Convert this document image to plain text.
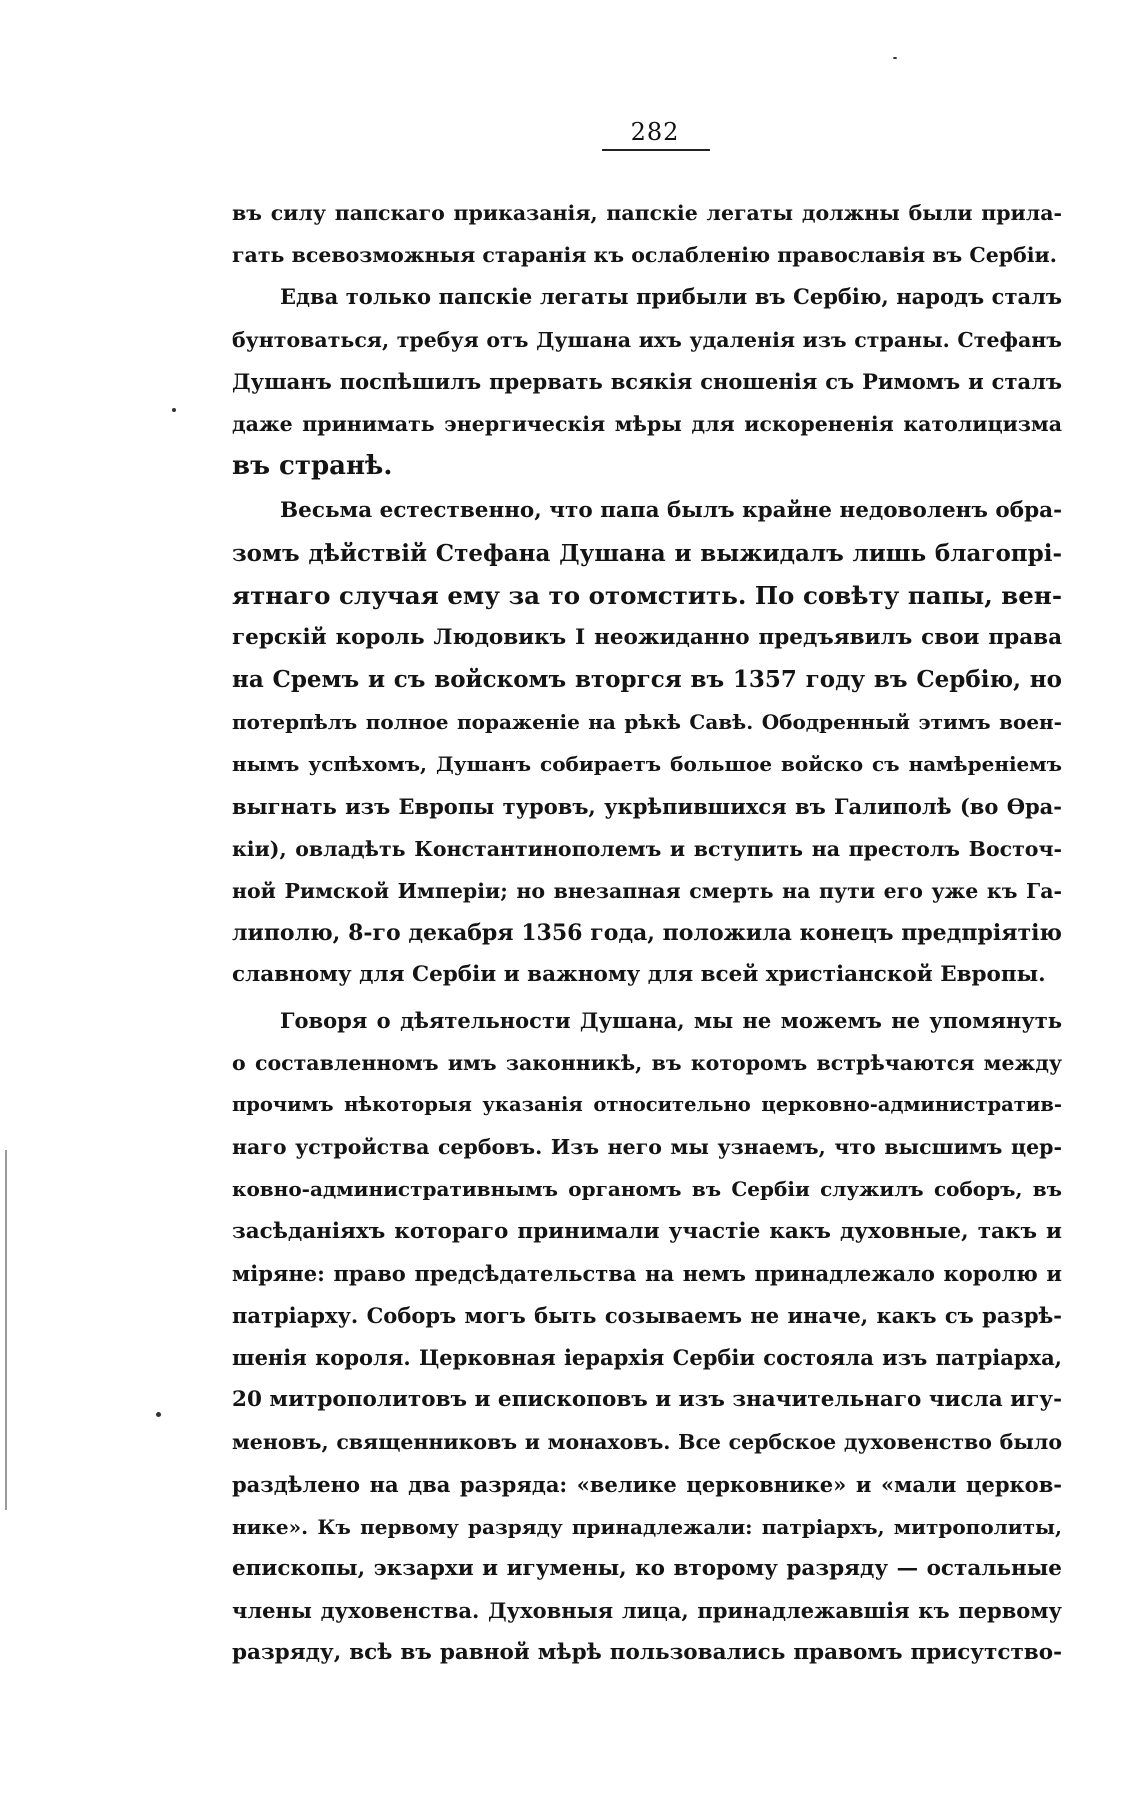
282
въ силу папскаго приказанія, папскіе легаты должны были прила-
гать всевозможныя старанія къ ослабленію православія въ Сербіи.
Едва только папскіе легаты прибыли въ Сербію, народъ сталъ
бунтоваться, требуя отъ Душана ихъ удаленія изъ страны. Стефанъ
Душанъ поспѣшилъ прервать всякія сношенія съ Римомъ и сталъ
даже принимать энергическія мѣры для искорененія католицизма
въ странѣ.
Весьма естественно, что папа былъ крайне недоволенъ обра-
зомъ дѣйствій Стефана Душана и выжидалъ лишь благопрі-
ятнаго случая ему за то отомстить. По совѣту папы, вен-
герскій король Людовикъ I неожиданно предъявилъ свои права
на Сремъ и съ войскомъ вторгся въ 1357 году въ Сербію, но
потерпѣлъ полное пораженіе на рѣкѣ Савѣ. Ободренный этимъ воен-
нымъ успѣхомъ, Душанъ собираетъ большое войско съ намѣреніемъ
выгнать изъ Европы туровъ, укрѣпившихся въ Галиполѣ (во Ѳра-
кіи), овладѣть Константинополемъ и вступить на престолъ Восточ-
ной Римской Имперіи; но внезапная смерть на пути его уже къ Га-
липолю, 8-го декабря 1356 года, положила конецъ предпріятію
славному для Сербіи и важному для всей христіанской Европы.
Говоря о дѣятельности Душана, мы не можемъ не упомянуть
о составленномъ имъ законникѣ, въ которомъ встрѣчаются между
прочимъ нѣкоторыя указанія относительно церковно-административ-
наго устройства сербовъ. Изъ него мы узнаемъ, что высшимъ цер-
ковно-административнымъ органомъ въ Сербіи служилъ соборъ, въ
засѣданіяхъ котораго принимали участіе какъ духовные, такъ и
міряне: право предсѣдательства на немъ принадлежало королю и
патріарху. Соборъ могъ быть созываемъ не иначе, какъ съ разрѣ-
шенія короля. Церковная іерархія Сербіи состояла изъ патріарха,
20 митрополитовъ и епископовъ и изъ значительнаго числа игу-
меновъ, священниковъ и монаховъ. Все сербское духовенство было
раздѣлено на два разряда: «велике церковнике» и «мали церков-
нике». Къ первому разряду принадлежали: патріархъ, митрополиты,
епископы, экзархи и игумены, ко второму разряду — остальные
члены духовенства. Духовныя лица, принадлежавшія къ первому
разряду, всѣ въ равной мѣрѣ пользовались правомъ присутство-
